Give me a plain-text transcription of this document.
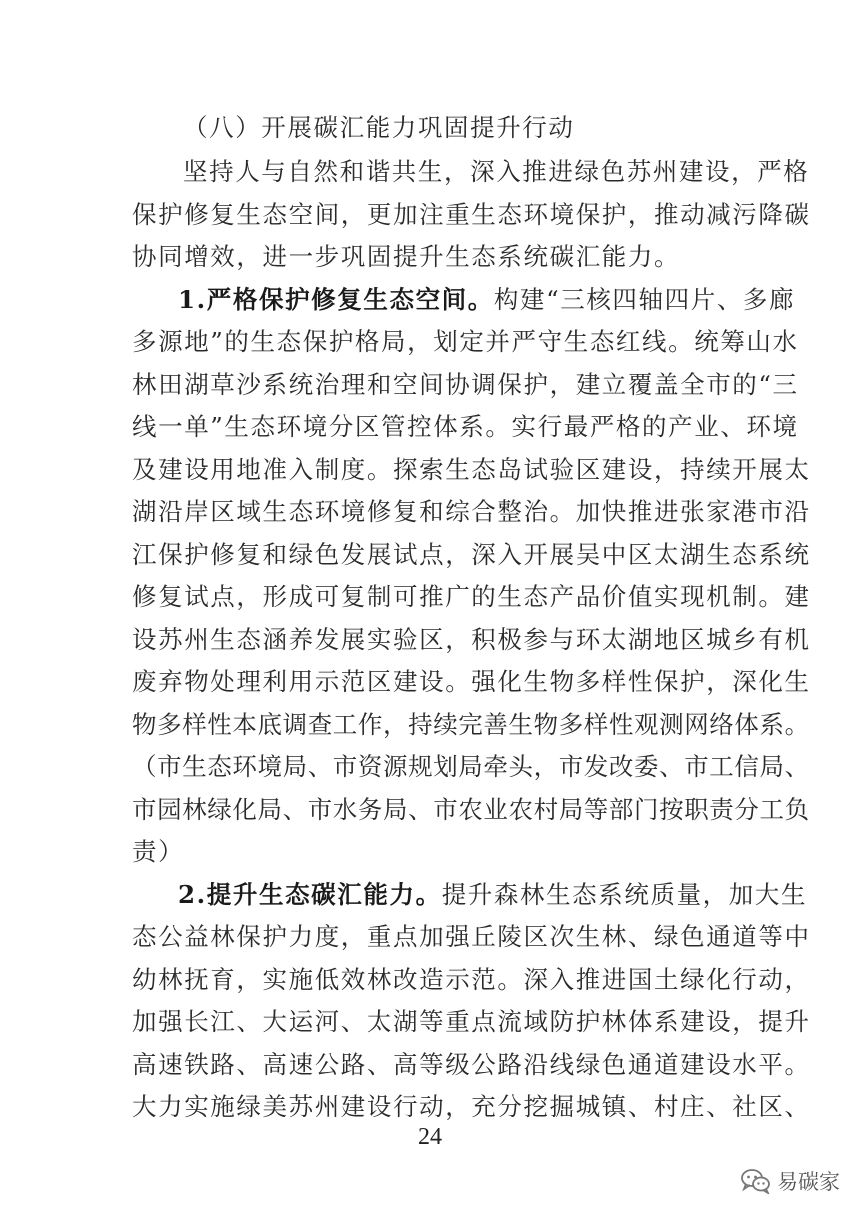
（八）开展碳汇能力巩固提升行动
坚持人与自然和谐共生，深入推进绿色苏州建设，严格
保护修复生态空间，更加注重生态环境保护，推动减污降碳
协同增效，进一步巩固提升生态系统碳汇能力。
1.严格保护修复生态空间。构建“三核四轴四片、多廊
多源地”的生态保护格局，划定并严守生态红线。统筹山水
林田湖草沙系统治理和空间协调保护，建立覆盖全市的“三
线一单”生态环境分区管控体系。实行最严格的产业、环境
及建设用地准入制度。探索生态岛试验区建设，持续开展太
湖沿岸区域生态环境修复和综合整治。加快推进张家港市沿
江保护修复和绿色发展试点，深入开展吴中区太湖生态系统
修复试点，形成可复制可推广的生态产品价值实现机制。建
设苏州生态涵养发展实验区，积极参与环太湖地区城乡有机
废弃物处理利用示范区建设。强化生物多样性保护，深化生
物多样性本底调查工作，持续完善生物多样性观测网络体系。
（市生态环境局、市资源规划局牵头，市发改委、市工信局、
市园林绿化局、市水务局、市农业农村局等部门按职责分工负
责）
2.提升生态碳汇能力。提升森林生态系统质量，加大生
态公益林保护力度，重点加强丘陵区次生林、绿色通道等中
幼林抚育，实施低效林改造示范。深入推进国土绿化行动，
加强长江、大运河、太湖等重点流域防护林体系建设，提升
高速铁路、高速公路、高等级公路沿线绿色通道建设水平。
大力实施绿美苏州建设行动，充分挖掘城镇、村庄、社区、
24
易碳家
